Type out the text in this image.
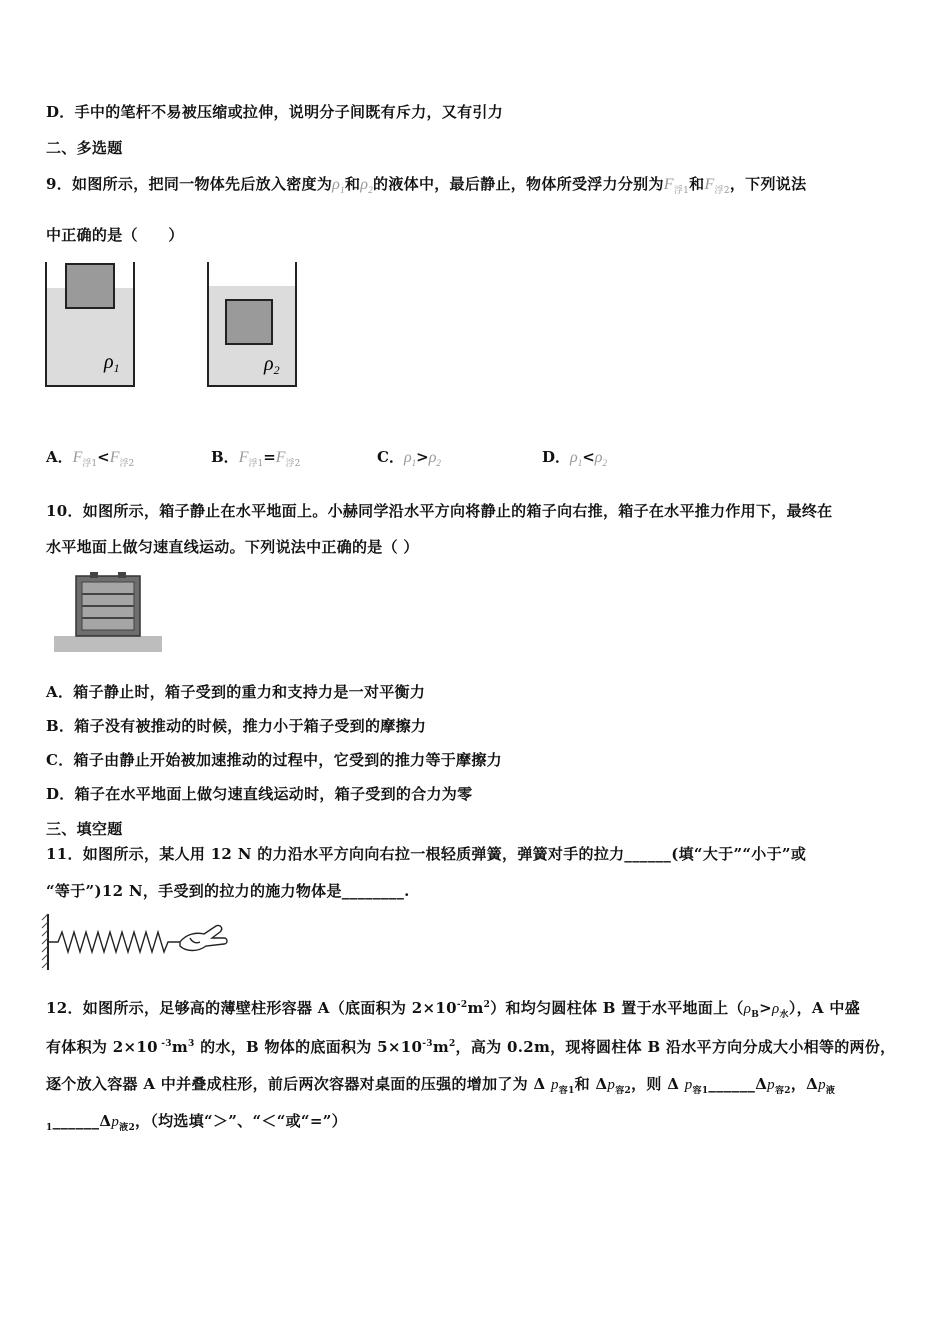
D．手中的笔杆不易被压缩或拉伸，说明分子间既有斥力，又有引力
二、多选题
9．如图所示，把同一物体先后放入密度为$\rho_1$和$\rho_2$的液体中，最后静止，物体所受浮力分别为$F_{浮1}$和$F_{浮2}$，下列说法
中正确的是（　　）
$\rho_1$	$\rho_2$
A．$F_{浮1}<F_{浮2}$	B．$F_{浮1}=F_{浮2}$	C．$\rho_1>\rho_2$	D．$\rho_1<\rho_2$
10．如图所示，箱子静止在水平地面上。小赫同学沿水平方向将静止的箱子向右推，箱子在水平推力作用下，最终在
水平地面上做匀速直线运动。下列说法中正确的是（ ）
A．箱子静止时，箱子受到的重力和支持力是一对平衡力
B．箱子没有被推动的时候，推力小于箱子受到的摩擦力
C．箱子由静止开始被加速推动的过程中，它受到的推力等于摩擦力
D．箱子在水平地面上做匀速直线运动时，箱子受到的合力为零
三、填空题
11．如图所示，某人用 12 N 的力沿水平方向向右拉一根轻质弹簧，弹簧对手的拉力______(填“大于”“小于”或
“等于”)12 N，手受到的拉力的施力物体是________.
12．如图所示，足够高的薄壁柱形容器 A（底面积为 $2\times 10^{-2}m^2$）和均匀圆柱体 B 置于水平地面上$(\rho_B>\rho_水)$，A 中盛
有体积为 2×10 $^{-3}m^3$ 的水，B 物体的底面积为 $5\times 10^{-3}m^2$，高为 0.2m，现将圆柱体 B 沿水平方向分成大小相等的两份，
逐个放入容器 A 中并叠成柱形，前后两次容器对桌面的压强的增加了为 Δ $p_{容1}$和 $\Delta p_{容2}$，则 Δ $p_{容1}\_\_\_\_\_\_\Delta p_{容2}$，$\Delta p_液$
$_1\_\_\_\_\_\_\Delta p_{液2}$，（均选填“＞”、“＜“或“=”）
